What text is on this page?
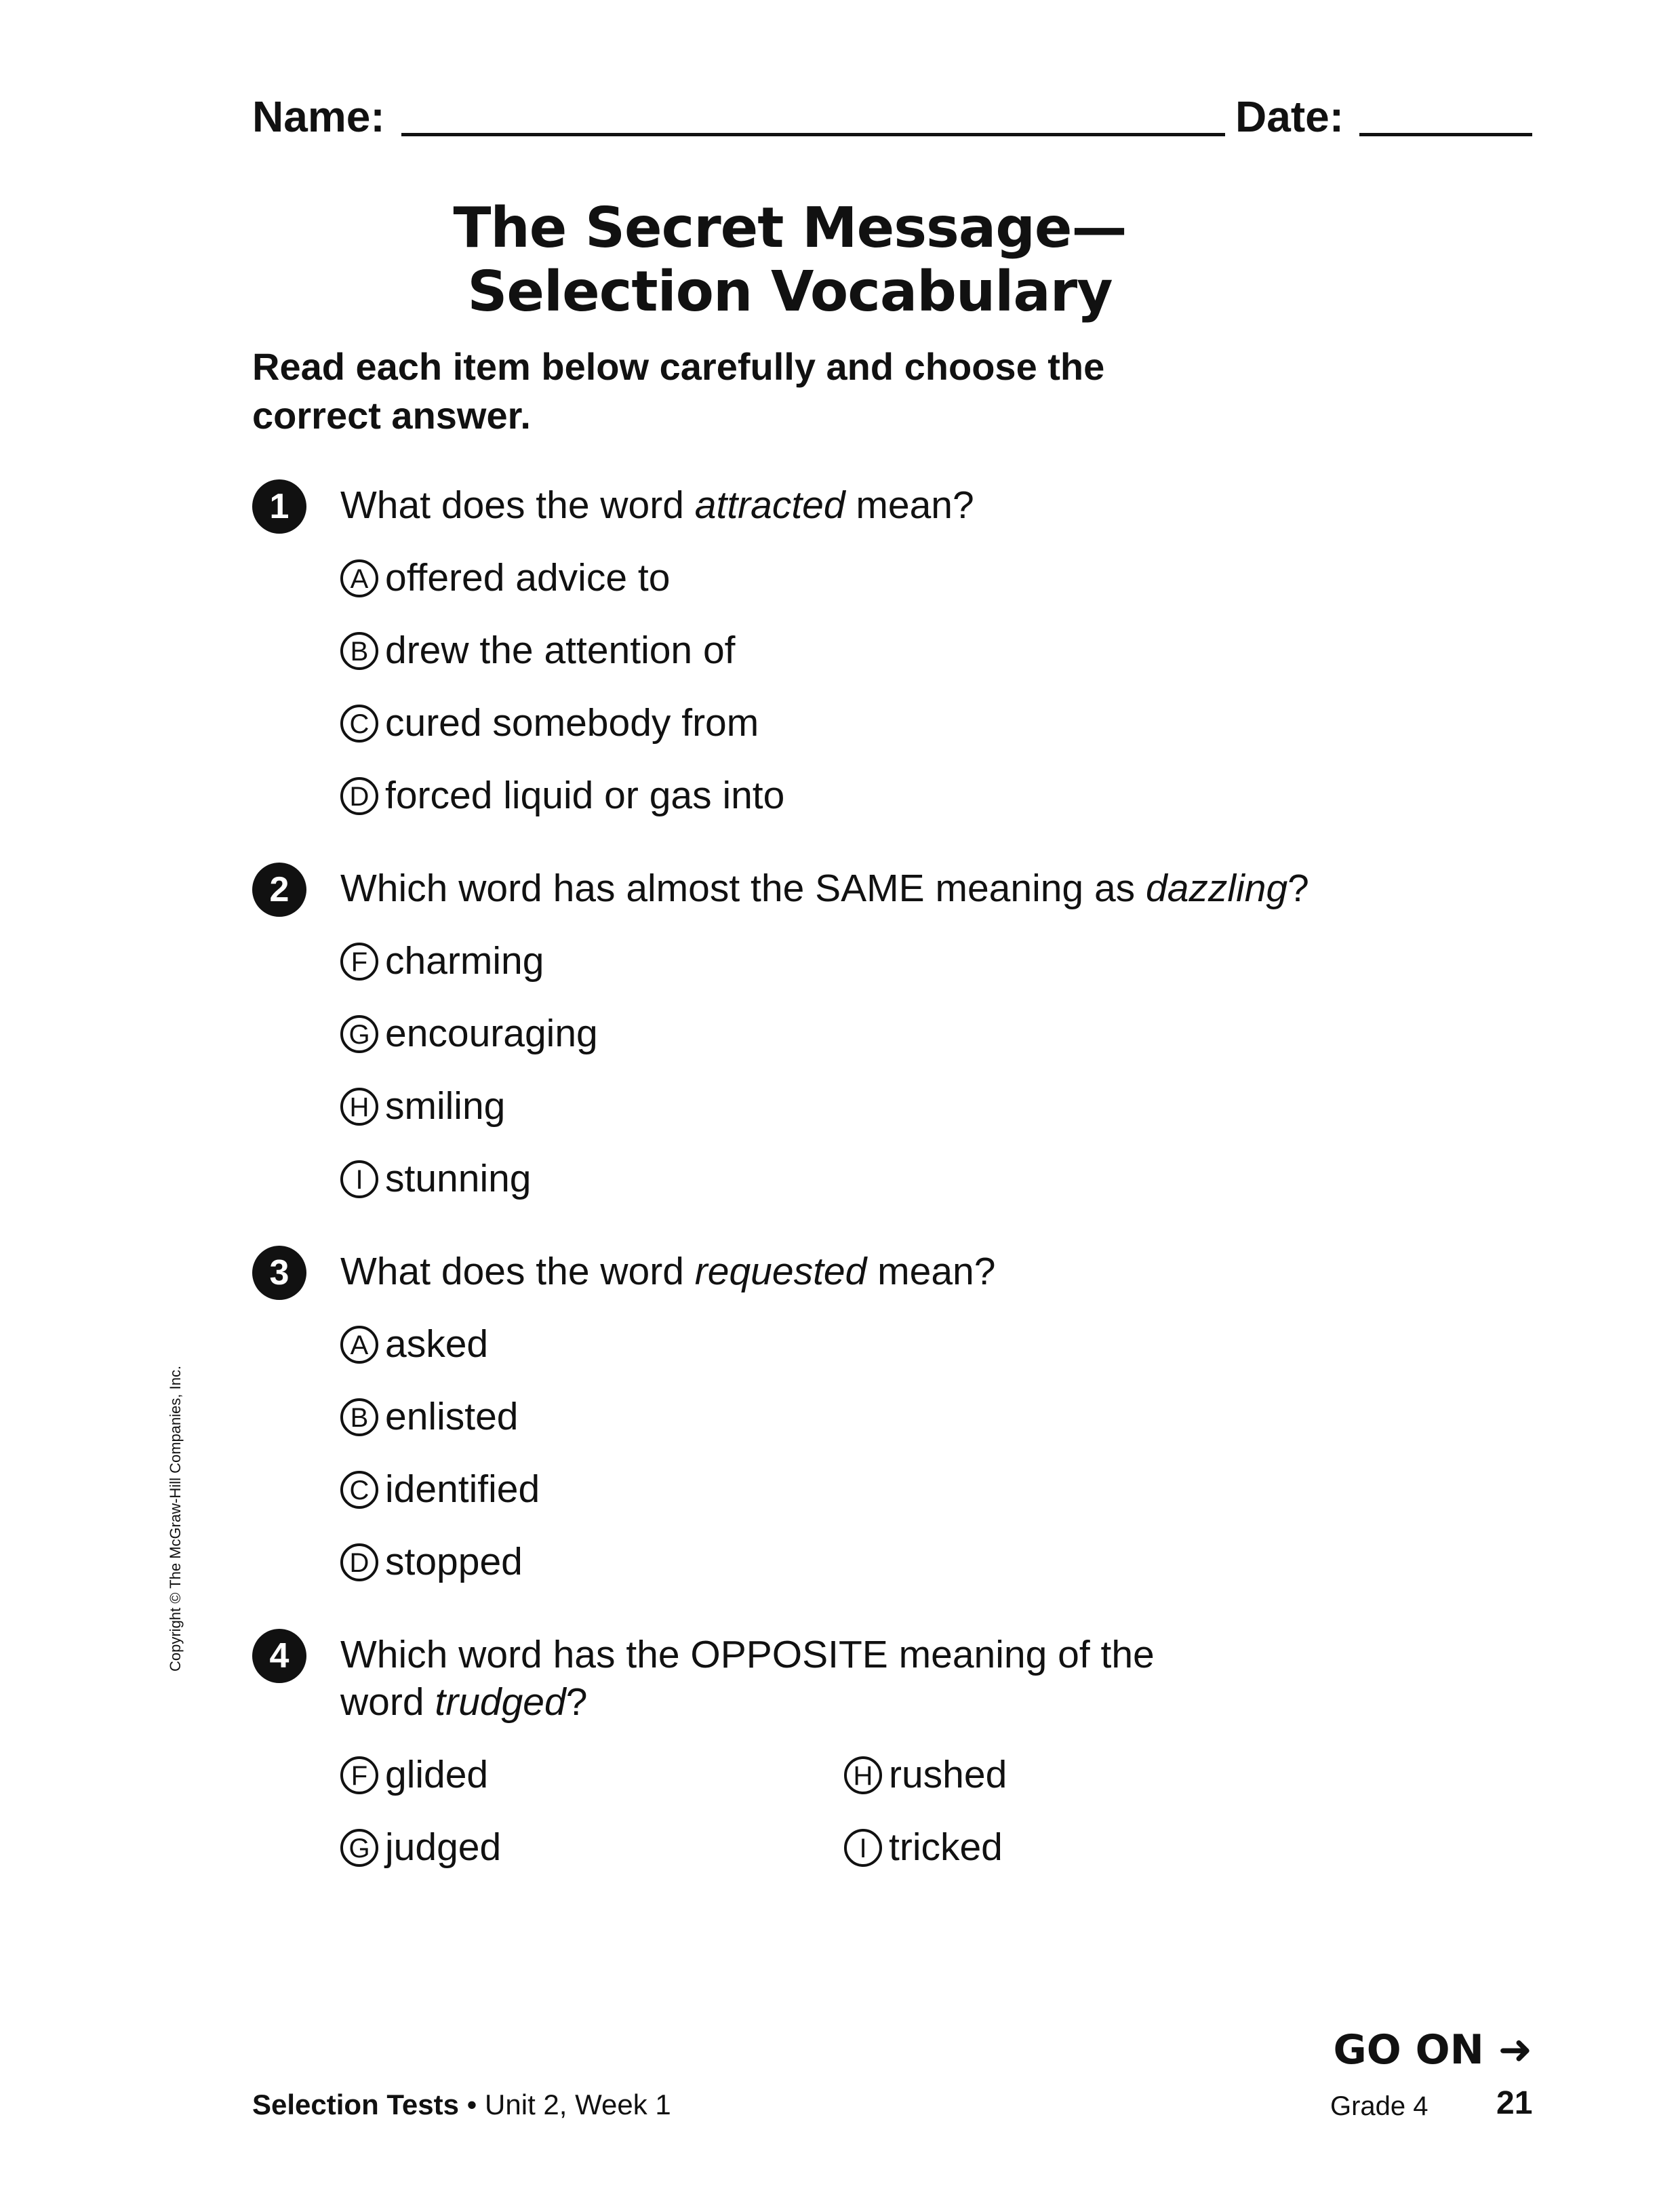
Name:	Date:
The Secret Message—
Selection Vocabulary
Read each item below carefully and choose the correct answer.
1	What does the word attracted mean?
A offered advice to
B drew the attention of
C cured somebody from
D forced liquid or gas into
2	Which word has almost the SAME meaning as dazzling?
F charming
G encouraging
H smiling
I stunning
3	What does the word requested mean?
A asked
B enlisted
C identified
D stopped
4	Which word has the OPPOSITE meaning of the word trudged?
F glided
G judged
H rushed
I tricked
Copyright © The McGraw-Hill Companies, Inc.
GO ON ➜
Selection Tests • Unit 2, Week 1	Grade 4 21
